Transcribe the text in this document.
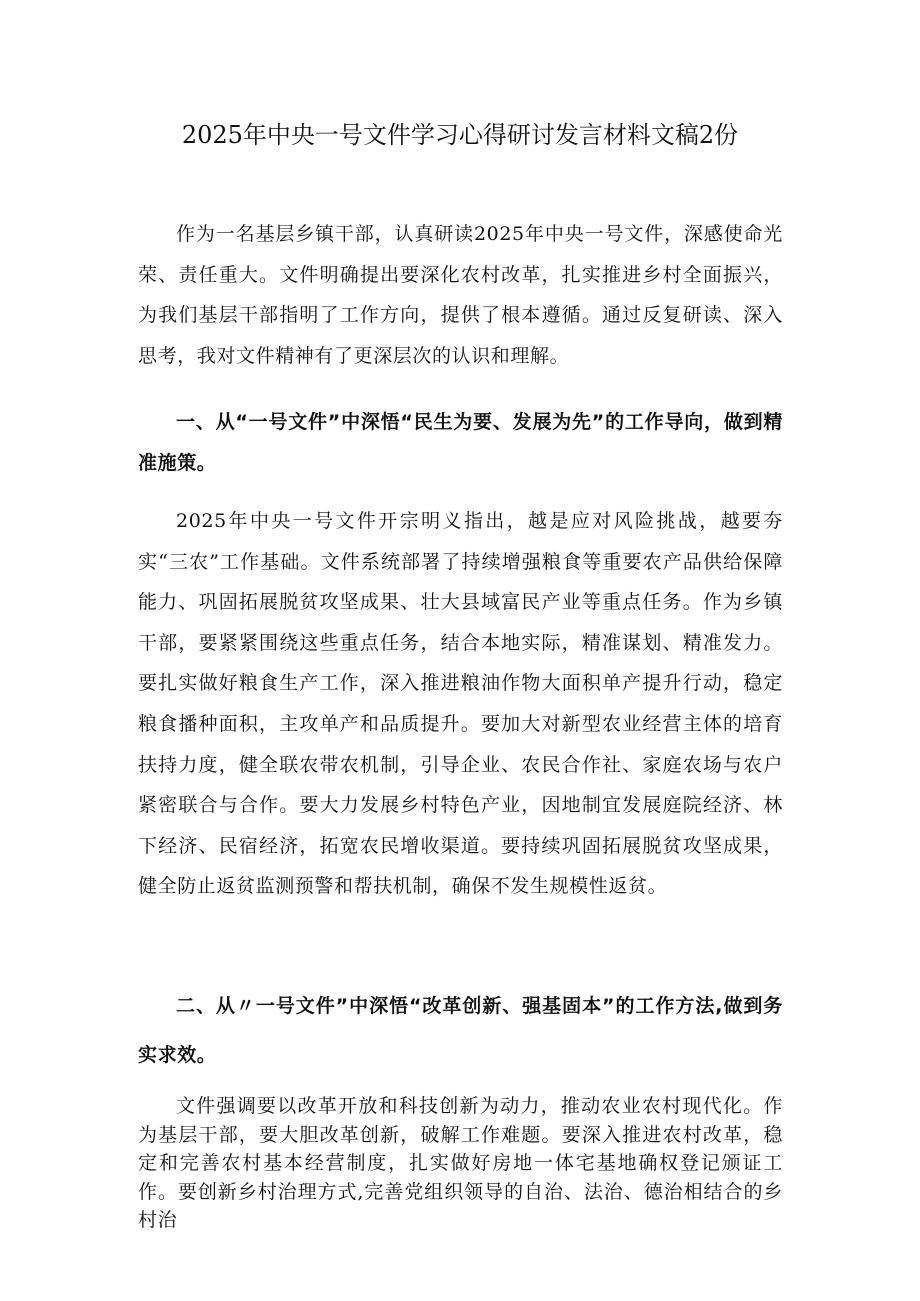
2025年中央一号文件学习心得研讨发言材料文稿2份

作为一名基层乡镇干部，认真研读2025年中央一号文件，深感使命光荣、责任重大。文件明确提出要深化农村改革，扎实推进乡村全面振兴，为我们基层干部指明了工作方向，提供了根本遵循。通过反复研读、深入思考，我对文件精神有了更深层次的认识和理解。

一、从“一号文件”中深悟“民生为要、发展为先”的工作导向，做到精准施策。

2025年中央一号文件开宗明义指出，越是应对风险挑战，越要夯实“三农”工作基础。文件系统部署了持续增强粮食等重要农产品供给保障能力、巩固拓展脱贫攻坚成果、壮大县域富民产业等重点任务。作为乡镇干部，要紧紧围绕这些重点任务，结合本地实际，精准谋划、精准发力。要扎实做好粮食生产工作，深入推进粮油作物大面积单产提升行动，稳定粮食播种面积，主攻单产和品质提升。要加大对新型农业经营主体的培育扶持力度，健全联农带农机制，引导企业、农民合作社、家庭农场与农户紧密联合与合作。要大力发展乡村特色产业，因地制宜发展庭院经济、林下经济、民宿经济，拓宽农民增收渠道。要持续巩固拓展脱贫攻坚成果，健全防止返贫监测预警和帮扶机制，确保不发生规模性返贫。

二、从〃一号文件”中深悟“改革创新、强基固本”的工作方法,做到务实求效。

文件强调要以改革开放和科技创新为动力，推动农业农村现代化。作为基层干部，要大胆改革创新，破解工作难题。要深入推进农村改革，稳定和完善农村基本经营制度，扎实做好房地一体宅基地确权登记颁证工作。要创新乡村治理方式,完善党组织领导的自治、法治、德治相结合的乡村治
